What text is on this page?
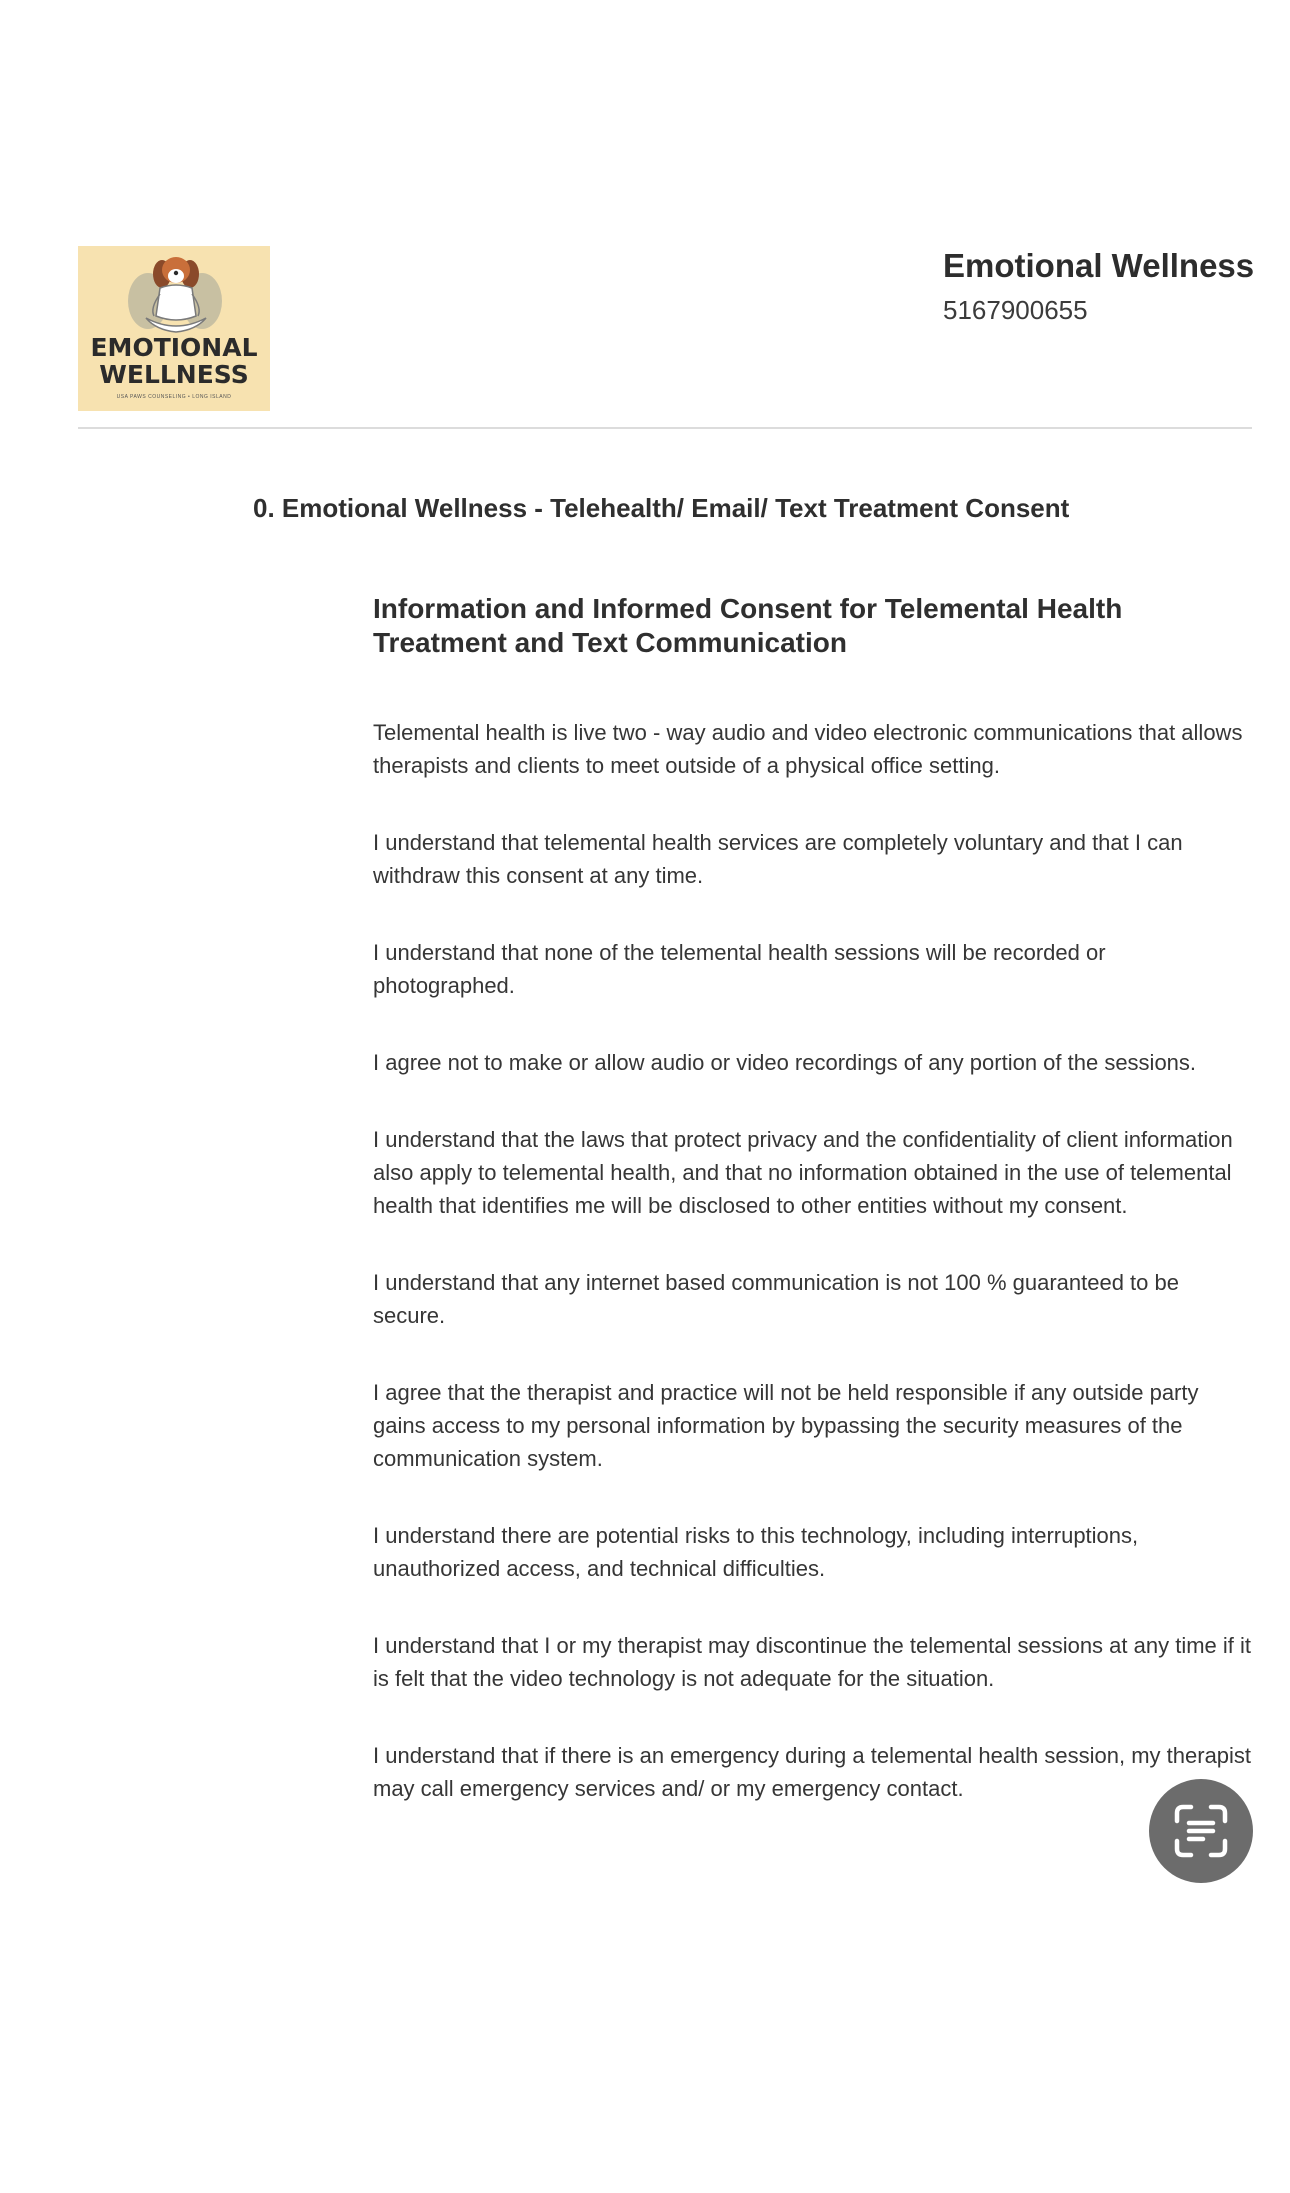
EMOTIONAL
WELLNESS
USA PAWS COUNSELING • LONG ISLAND
Emotional Wellness
5167900655
0. Emotional Wellness - Telehealth/ Email/ Text Treatment Consent
Information and Informed Consent for Telemental Health Treatment and Text Communication

Telemental health is live two - way audio and video electronic communications that allows therapists and clients to meet outside of a physical office setting.

I understand that telemental health services are completely voluntary and that I can withdraw this consent at any time.

I understand that none of the telemental health sessions will be recorded or photographed.

I agree not to make or allow audio or video recordings of any portion of the sessions.

I understand that the laws that protect privacy and the confidentiality of client information also apply to telemental health, and that no information obtained in the use of telemental health that identifies me will be disclosed to other entities without my consent.

I understand that any internet based communication is not 100 % guaranteed to be secure.

I agree that the therapist and practice will not be held responsible if any outside party gains access to my personal information by bypassing the security measures of the communication system.

I understand there are potential risks to this technology, including interruptions, unauthorized access, and technical difficulties.

I understand that I or my therapist may discontinue the telemental sessions at any time if it is felt that the video technology is not adequate for the situation.

I understand that if there is an emergency during a telemental health session, my therapist may call emergency services and/ or my emergency contact.
